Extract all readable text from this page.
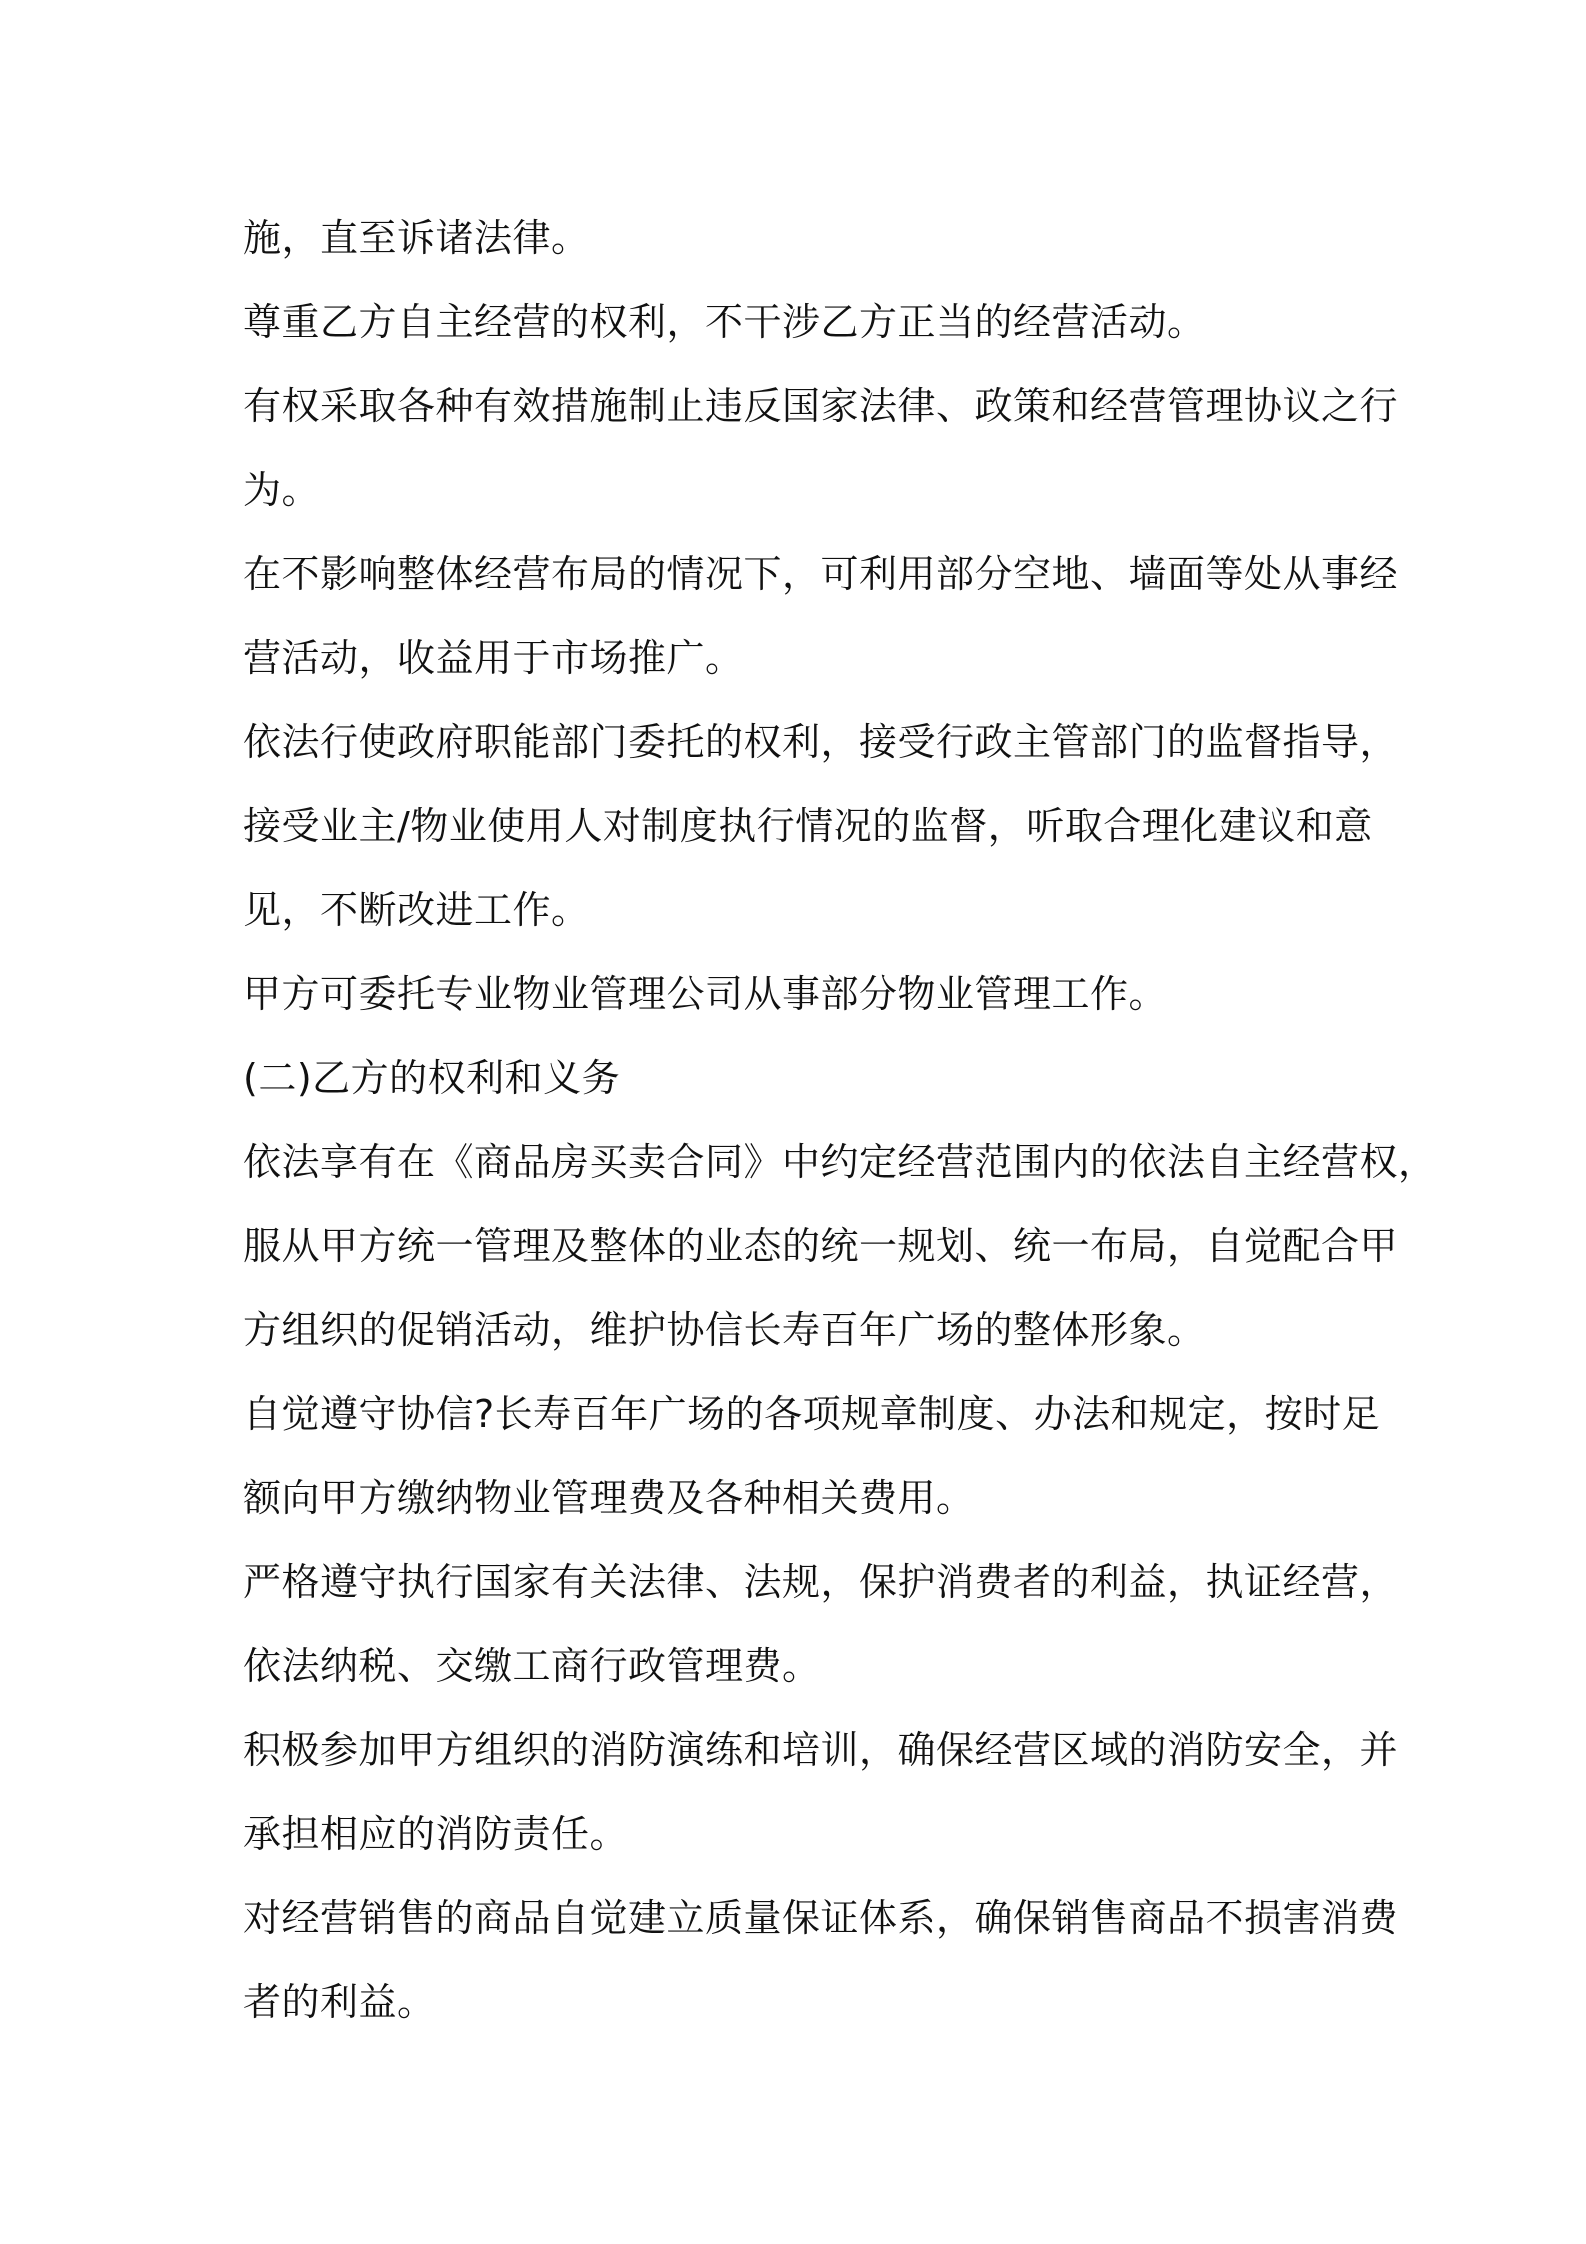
施，直至诉诸法律。
尊重乙方自主经营的权利，不干涉乙方正当的经营活动。
有权采取各种有效措施制止违反国家法律、政策和经营管理协议之行
为。
在不影响整体经营布局的情况下，可利用部分空地、墙面等处从事经
营活动，收益用于市场推广。
依法行使政府职能部门委托的权利，接受行政主管部门的监督指导，
接受业主/物业使用人对制度执行情况的监督，听取合理化建议和意
见，不断改进工作。
甲方可委托专业物业管理公司从事部分物业管理工作。
(二)乙方的权利和义务
依法享有在《商品房买卖合同》中约定经营范围内的依法自主经营权，
服从甲方统一管理及整体的业态的统一规划、统一布局，自觉配合甲
方组织的促销活动，维护协信长寿百年广场的整体形象。
自觉遵守协信?长寿百年广场的各项规章制度、办法和规定，按时足
额向甲方缴纳物业管理费及各种相关费用。
严格遵守执行国家有关法律、法规，保护消费者的利益，执证经营，
依法纳税、交缴工商行政管理费。
积极参加甲方组织的消防演练和培训，确保经营区域的消防安全，并
承担相应的消防责任。
对经营销售的商品自觉建立质量保证体系，确保销售商品不损害消费
者的利益。
